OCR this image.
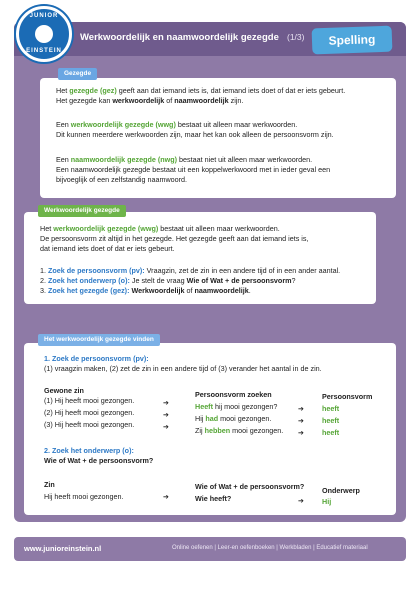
JUNIOR
EINSTEIN
Werkwoordelijk en naamwoordelijk gezegde (1/3)	Spelling
Gezegde
Het gezegde (gez) geeft aan dat iemand iets is, dat iemand iets doet of dat er iets gebeurt.
Het gezegde kan werkwoordelijk of naamwoordelijk zijn.
Een werkwoordelijk gezegde (wwg) bestaat uit alleen maar werkwoorden.
Dit kunnen meerdere werkwoorden zijn, maar het kan ook alleen de persoonsvorm zijn.
Een naamwoordelijk gezegde (nwg) bestaat niet uit alleen maar werkwoorden.
Een naamwoordelijk gezegde bestaat uit een koppelwerkwoord met in ieder geval een
bijvoeglijk of een zelfstandig naamwoord.
Werkwoordelijk gezegde
Het werkwoordelijk gezegde (wwg) bestaat uit alleen maar werkwoorden.
De persoonsvorm zit altijd in het gezegde. Het gezegde geeft aan dat iemand iets is,
dat iemand iets doet of dat er iets gebeurt.
1. Zoek de persoonsvorm (pv): Vraagzin, zet de zin in een andere tijd of in een ander aantal.
2. Zoek het onderwerp (o): Je stelt de vraag Wie of Wat + de persoonsvorm?
3. Zoek het gezegde (gez): Werkwoordelijk of naamwoordelijk.
Het werkwoordelijk gezegde vinden
1. Zoek de persoonsvorm (pv):
(1) vraagzin maken, (2) zet de zin in een andere tijd of (3) verander het aantal in de zin.
Gewone zin	Persoonsvorm zoeken	Persoonsvorm
(1) Hij heeft mooi gezongen.	➔	Heeft hij mooi gezongen?	➔ heeft
(2) Hij heeft mooi gezongen.	➔	Hij had mooi gezongen.	➔ heeft
(3) Hij heeft mooi gezongen.	➔	Zij hebben mooi gezongen. ➔ heeft
2. Zoek het onderwerp (o):
Wie of Wat + de persoonsvorm?
Zin	Wie of Wat + de persoonsvorm? Onderwerp
Hij heeft mooi gezongen.	➔	Wie heeft?	➔ Hij
www.junioreinstein.nl	Online oefenen | Leer-en oefenboeken | Werkbladen | Educatief materiaal
